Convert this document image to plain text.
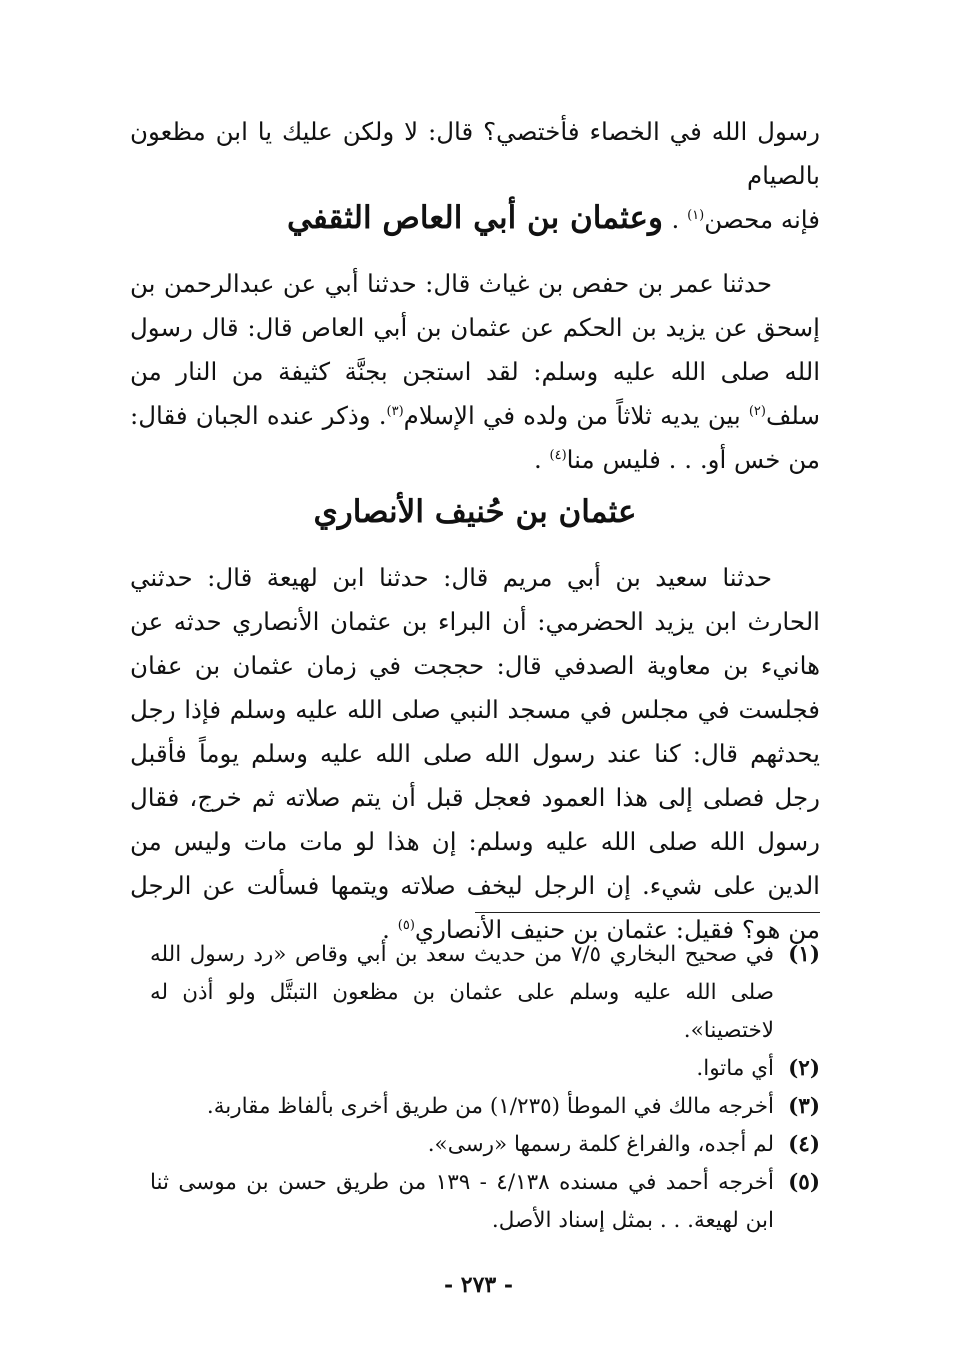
رسول الله في الخصاء فأختصي؟ قال: لا ولكن عليك يا ابن مظعون بالصيام
فإنه محصن$^{(١)}$ .

وعثمان بن أبي العاص الثقفي

حدثنا عمر بن حفص بن غياث قال: حدثنا أبي عن عبدالرحمن بن إسحق عن يزيد بن الحكم عن عثمان بن أبي العاص قال: قال رسول الله صلى الله عليه وسلم: لقد استجن بجنَّة كثيفة من النار من سلف$^{(٢)}$ بين يديه ثلاثاً من ولده في الإسلام$^{(٣)}$. وذكر عنده الجبان فقال: من خس أو. . . فليس منا$^{(٤)}$ .

عثمان بن حُنيف الأنصاري

حدثنا سعيد بن أبي مريم قال: حدثنا ابن لهيعة قال: حدثني الحارث ابن يزيد الحضرمي: أن البراء بن عثمان الأنصاري حدثه عن هانيء بن معاوية الصدفي قال: حججت في زمان عثمان بن عفان فجلست في مجلس في مسجد النبي صلى الله عليه وسلم فإذا رجل يحدثهم قال: كنا عند رسول الله صلى الله عليه وسلم يوماً فأقبل رجل فصلى إلى هذا العمود فعجل قبل أن يتم صلاته ثم خرج، فقال رسول الله صلى الله عليه وسلم: إن هذا لو مات مات وليس من الدين على شيء. إن الرجل ليخف صلاته ويتمها فسألت عن الرجل من هو؟ فقيل: عثمان بن حنيف الأنصاري$^{(٥)}$ .

(١)
في صحيح البخاري ٧/٥ من حديث سعد بن أبي وقاص «رد رسول الله صلى الله عليه وسلم على عثمان بن مظعون التبتَّل ولو أذن له لاختصينا».
(٢)
أي ماتوا.
(٣)
أخرجه مالك في الموطأ (١/٢٣٥) من طريق أخرى بألفاظ مقاربة.
(٤)
لم أجده، والفراغ كلمة رسمها «رسى».
(٥)
أخرجه أحمد في مسنده ٤/١٣٨ - ١٣٩ من طريق حسن بن موسى ثنا ابن لهيعة. . . بمثل إسناد الأصل.
- ٢٧٣ -
